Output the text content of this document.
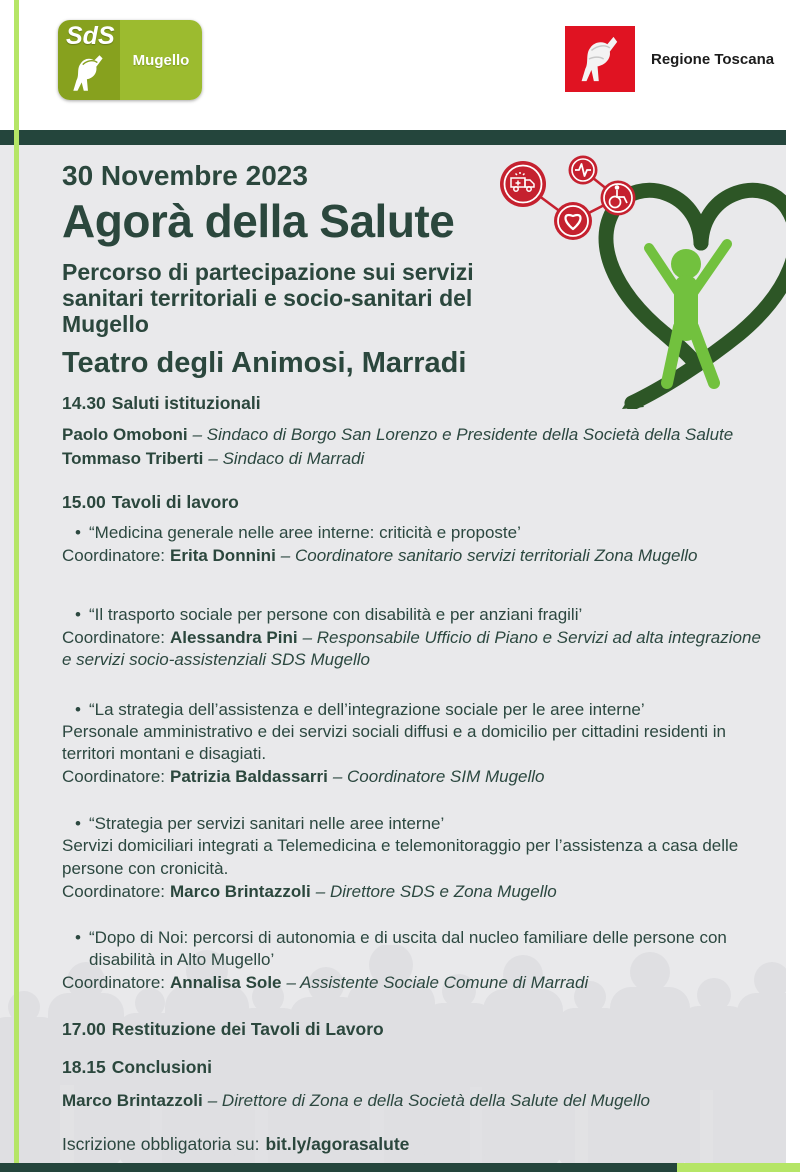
SdS
Mugello	Regione Toscana
30 Novembre 2023
Agorà della Salute
Percorso di partecipazione sui servizi sanitari territoriali e socio-sanitari del Mugello
Teatro degli Animosi, Marradi
14.30 Saluti istituzionali
Paolo Omoboni – Sindaco di Borgo San Lorenzo e Presidente della Società della Salute
Tommaso Triberti – Sindaco di Marradi
15.00 Tavoli di lavoro
• “Medicina generale nelle aree interne: criticità e proposte’
Coordinatore: Erita Donnini – Coordinatore sanitario servizi territoriali Zona Mugello
• “Il trasporto sociale per persone con disabilità e per anziani fragili’
Coordinatore: Alessandra Pini – Responsabile Ufficio di Piano e Servizi ad alta integrazione e servizi socio-assistenziali SDS Mugello
• “La strategia dell’assistenza e dell’integrazione sociale per le aree interne’
Personale amministrativo e dei servizi sociali diffusi e a domicilio per cittadini residenti in territori montani e disagiati.
Coordinatore: Patrizia Baldassarri – Coordinatore SIM Mugello
• “Strategia per servizi sanitari nelle aree interne’
Servizi domiciliari integrati a Telemedicina e telemonitoraggio per l’assistenza a casa delle persone con cronicità.
Coordinatore: Marco Brintazzoli – Direttore SDS e Zona Mugello
• “Dopo di Noi: percorsi di autonomia e di uscita dal nucleo familiare delle persone con disabilità in Alto Mugello’
Coordinatore: Annalisa Sole – Assistente Sociale Comune di Marradi
17.00 Restituzione dei Tavoli di Lavoro
18.15 Conclusioni
Marco Brintazzoli – Direttore di Zona e della Società della Salute del Mugello
Iscrizione obbligatoria su: bit.ly/agorasalute
